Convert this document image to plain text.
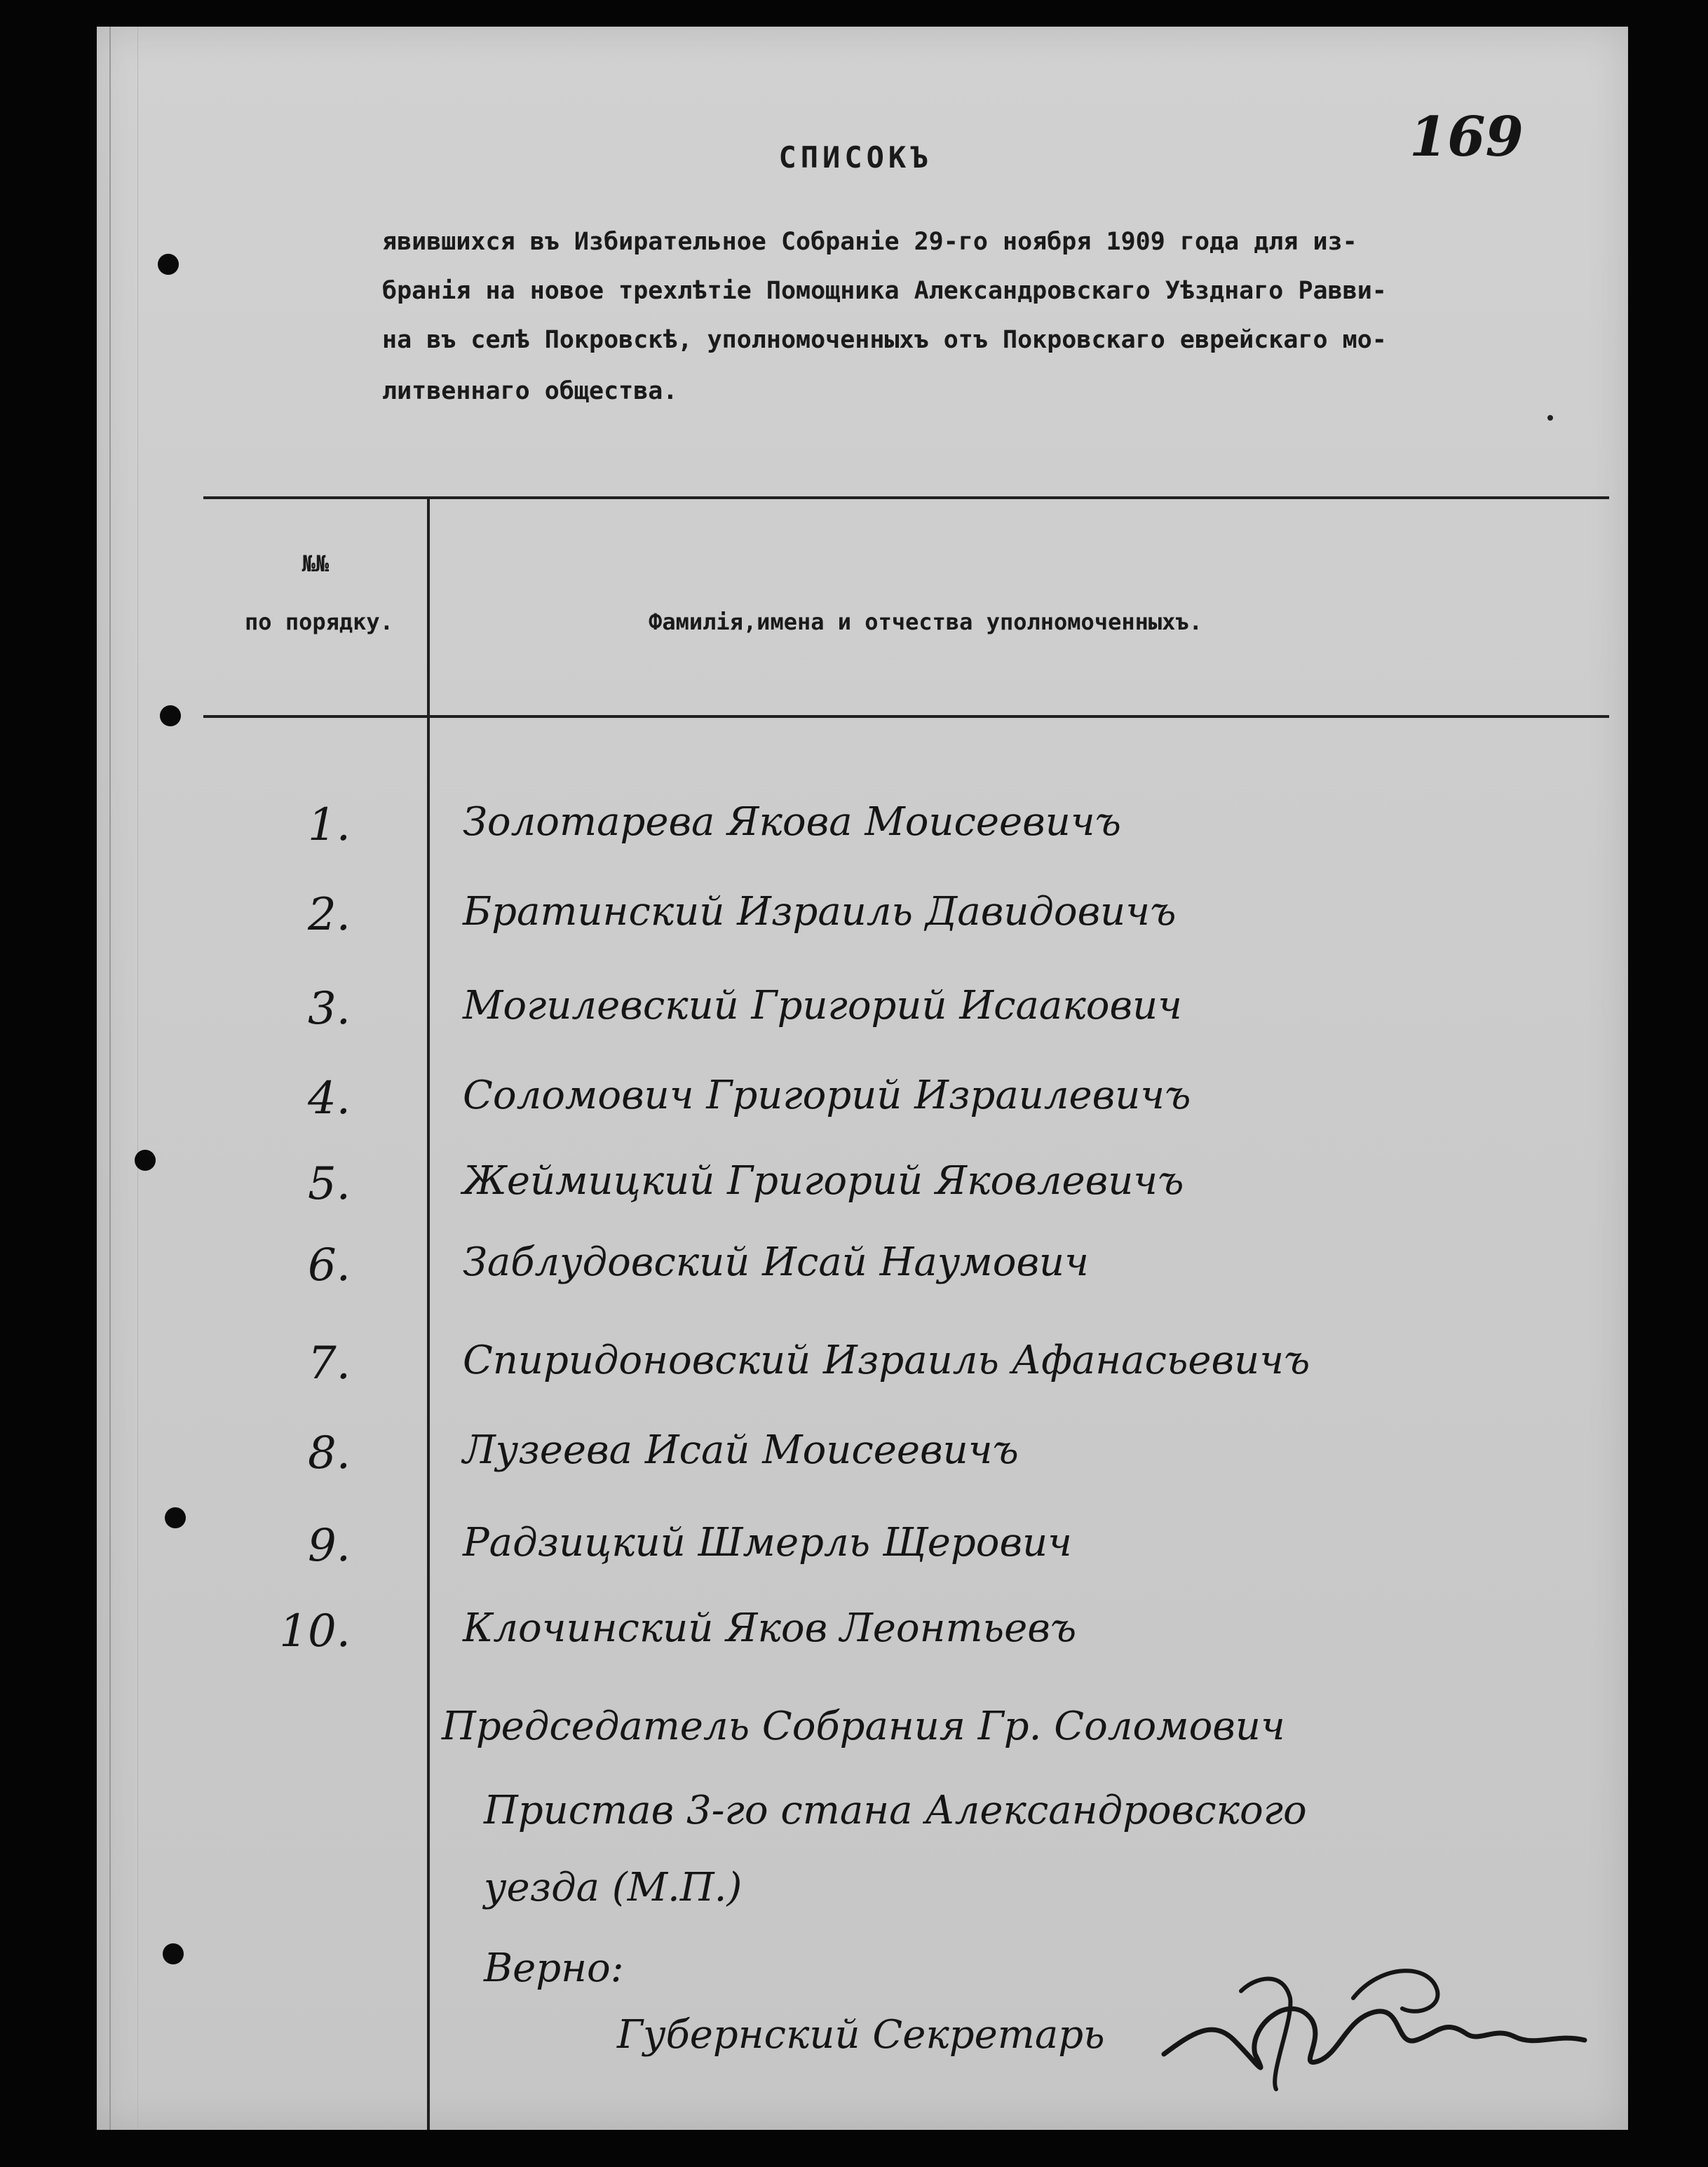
169
СПИСОКЪ
явившихся въ Избирательное Собраніе 29-го ноября 1909 года для из-
бранія на новое трехлѣтіе Помощника Александровскаго Уѣзднаго Равви-
на въ селѣ Покровскѣ, уполномоченныхъ отъ Покровскаго еврейскаго мо-
литвеннаго общества.
№№
по порядку.	Фамилія,имена и отчества уполномоченныхъ.
1.	Золотарева Якова Моисеевичъ
2.	Братинский Израиль Давидовичъ
3.	Могилевский Григорий Исаакович
4.	Соломович Григорий Израилевичъ
5.	Жеймицкий Григорий Яковлевичъ
6.	Заблудовский Исай Наумович
7.	Спиридоновский Израиль Афанасьевичъ
8.	Лузеева Исай Моисеевичъ
9.	Радзицкий Шмерль Щерович
10.	Клочинский Яков Леонтьевъ
Председатель Собрания Гр. Соломович
Пристав 3-го стана Александровского
уезда (М.П.)
Верно:
Губернский Секретарь
